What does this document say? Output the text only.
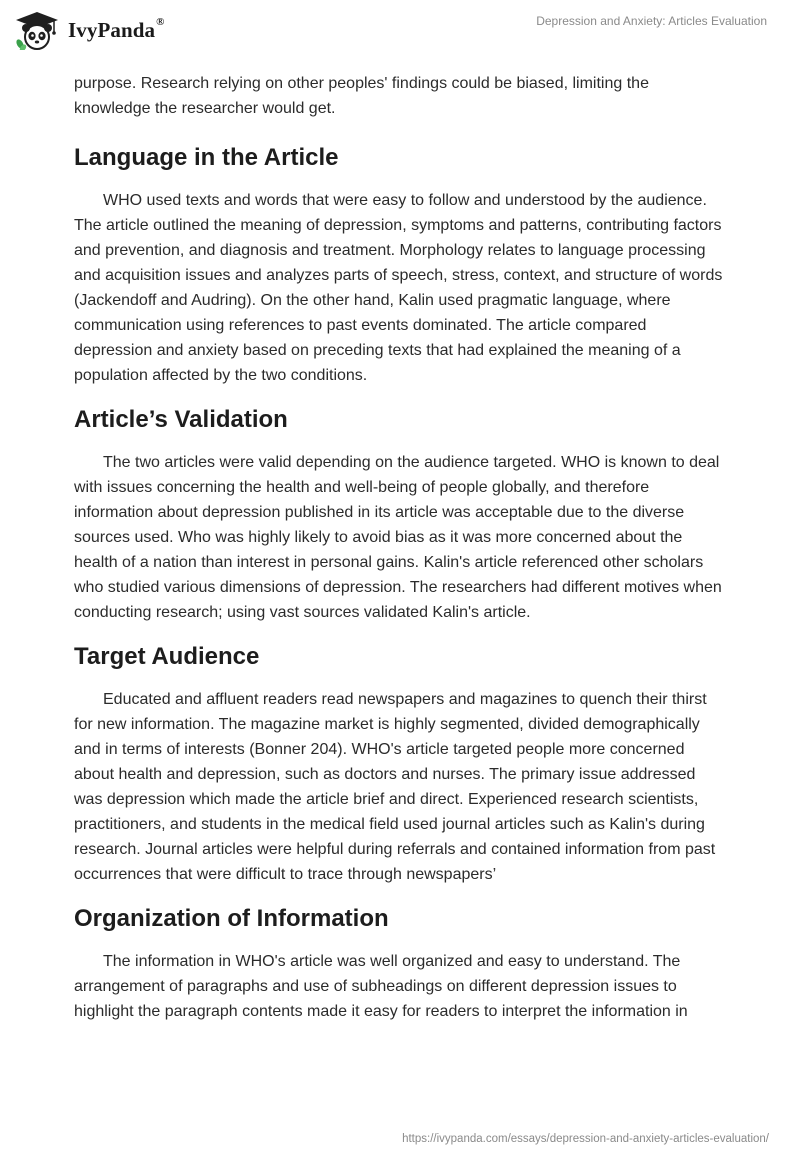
IvyPanda®	Depression and Anxiety: Articles Evaluation

purpose. Research relying on other peoples' findings could be biased, limiting the knowledge the researcher would get.

Language in the Article

WHO used texts and words that were easy to follow and understood by the audience. The article outlined the meaning of depression, symptoms and patterns, contributing factors and prevention, and diagnosis and treatment. Morphology relates to language processing and acquisition issues and analyzes parts of speech, stress, context, and structure of words (Jackendoff and Audring). On the other hand, Kalin used pragmatic language, where communication using references to past events dominated. The article compared depression and anxiety based on preceding texts that had explained the meaning of a population affected by the two conditions.

Article’s Validation

The two articles were valid depending on the audience targeted. WHO is known to deal with issues concerning the health and well-being of people globally, and therefore information about depression published in its article was acceptable due to the diverse sources used. Who was highly likely to avoid bias as it was more concerned about the health of a nation than interest in personal gains. Kalin's article referenced other scholars who studied various dimensions of depression. The researchers had different motives when conducting research; using vast sources validated Kalin's article.

Target Audience

Educated and affluent readers read newspapers and magazines to quench their thirst for new information. The magazine market is highly segmented, divided demographically and in terms of interests (Bonner 204). WHO's article targeted people more concerned about health and depression, such as doctors and nurses. The primary issue addressed was depression which made the article brief and direct. Experienced research scientists, practitioners, and students in the medical field used journal articles such as Kalin's during research. Journal articles were helpful during referrals and contained information from past occurrences that were difficult to trace through newspapers’

Organization of Information

The information in WHO's article was well organized and easy to understand. The arrangement of paragraphs and use of subheadings on different depression issues to highlight the paragraph contents made it easy for readers to interpret the information in

https://ivypanda.com/essays/depression-and-anxiety-articles-evaluation/
